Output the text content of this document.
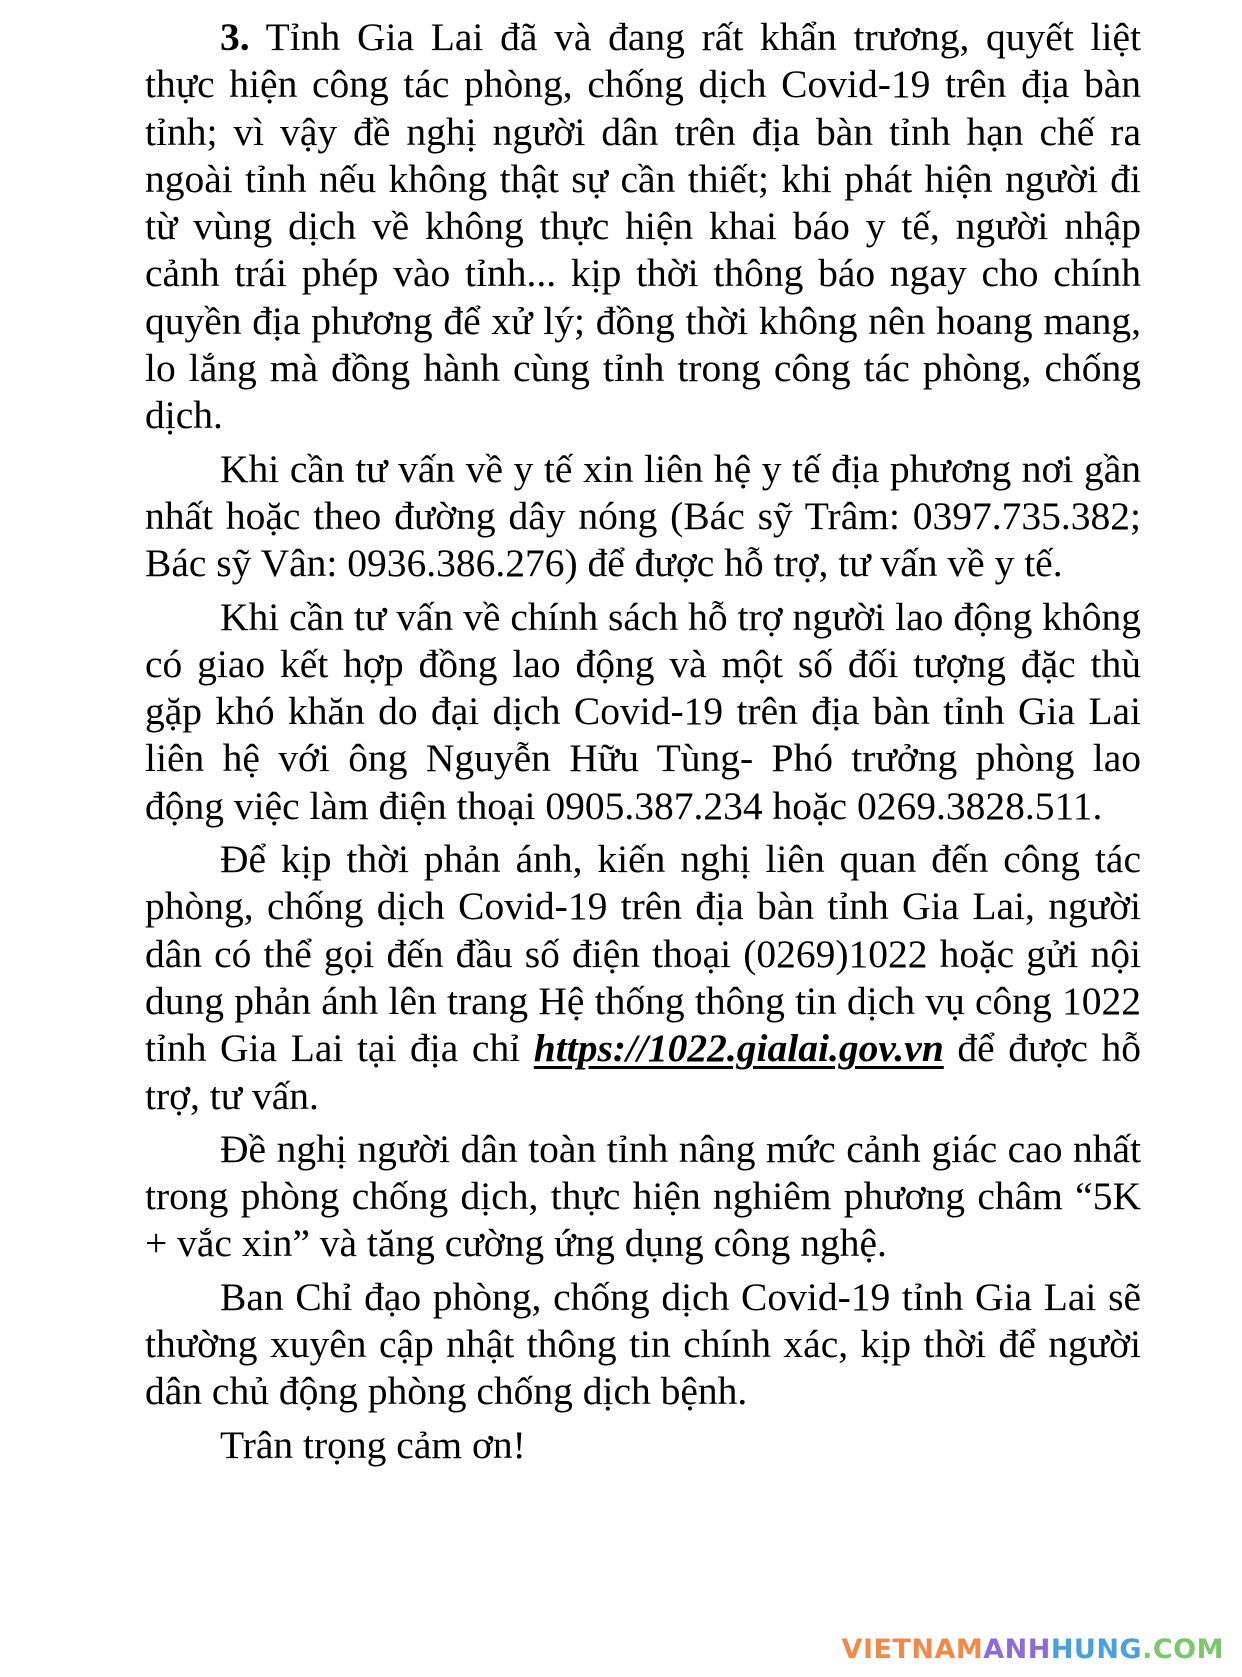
3. Tỉnh Gia Lai đã và đang rất khẩn trương, quyết liệt thực hiện công tác phòng, chống dịch Covid-19 trên địa bàn tỉnh; vì vậy đề nghị người dân trên địa bàn tỉnh hạn chế ra ngoài tỉnh nếu không thật sự cần thiết; khi phát hiện người đi từ vùng dịch về không thực hiện khai báo y tế, người nhập cảnh trái phép vào tỉnh... kịp thời thông báo ngay cho chính quyền địa phương để xử lý; đồng thời không nên hoang mang, lo lắng mà đồng hành cùng tỉnh trong công tác phòng, chống dịch.

Khi cần tư vấn về y tế xin liên hệ y tế địa phương nơi gần nhất hoặc theo đường dây nóng (Bác sỹ Trâm: 0397.735.382; Bác sỹ Vân: 0936.386.276) để được hỗ trợ, tư vấn về y tế.

Khi cần tư vấn về chính sách hỗ trợ người lao động không có giao kết hợp đồng lao động và một số đối tượng đặc thù gặp khó khăn do đại dịch Covid-19 trên địa bàn tỉnh Gia Lai liên hệ với ông Nguyễn Hữu Tùng- Phó trưởng phòng lao động việc làm điện thoại 0905.387.234 hoặc 0269.3828.511.

Để kịp thời phản ánh, kiến nghị liên quan đến công tác phòng, chống dịch Covid-19 trên địa bàn tỉnh Gia Lai, người dân có thể gọi đến đầu số điện thoại (0269)1022 hoặc gửi nội dung phản ánh lên trang Hệ thống thông tin dịch vụ công 1022 tỉnh Gia Lai tại địa chỉ https://1022.gialai.gov.vn để được hỗ trợ, tư vấn.

Đề nghị người dân toàn tỉnh nâng mức cảnh giác cao nhất trong phòng chống dịch, thực hiện nghiêm phương châm “5K + vắc xin” và tăng cường ứng dụng công nghệ.

Ban Chỉ đạo phòng, chống dịch Covid-19 tỉnh Gia Lai sẽ thường xuyên cập nhật thông tin chính xác, kịp thời để người dân chủ động phòng chống dịch bệnh.

Trân trọng cảm ơn!

VIETNAMANHHUNG.COM
